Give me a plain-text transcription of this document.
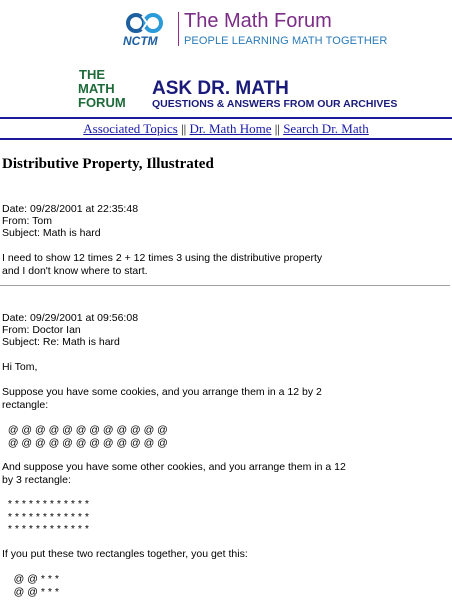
NCTM
The Math Forum
PEOPLE LEARNING MATH TOGETHER
THE
MATH
FORUM
ASK DR. MATH
QUESTIONS & ANSWERS FROM OUR ARCHIVES
Associated Topics || Dr. Math Home || Search Dr. Math
Distributive Property, Illustrated
Date: 09/28/2001 at 22:35:48
From: Tom
Subject: Math is hard
I need to show 12 times 2 + 12 times 3 using the distributive property
and I don't know where to start.
Date: 09/29/2001 at 09:56:08
From: Doctor Ian
Subject: Re: Math is hard
Hi Tom,
Suppose you have some cookies, and you arrange them in a 12 by 2
rectangle:
@ @ @ @ @ @ @ @ @ @ @ @
@ @ @ @ @ @ @ @ @ @ @ @
And suppose you have some other cookies, and you arrange them in a 12
by 3 rectangle:
* * * * * * * * * * * *
* * * * * * * * * * * *
* * * * * * * * * * * *
If you put these two rectangles together, you get this:
@ @ * * *
@ @ * * *
